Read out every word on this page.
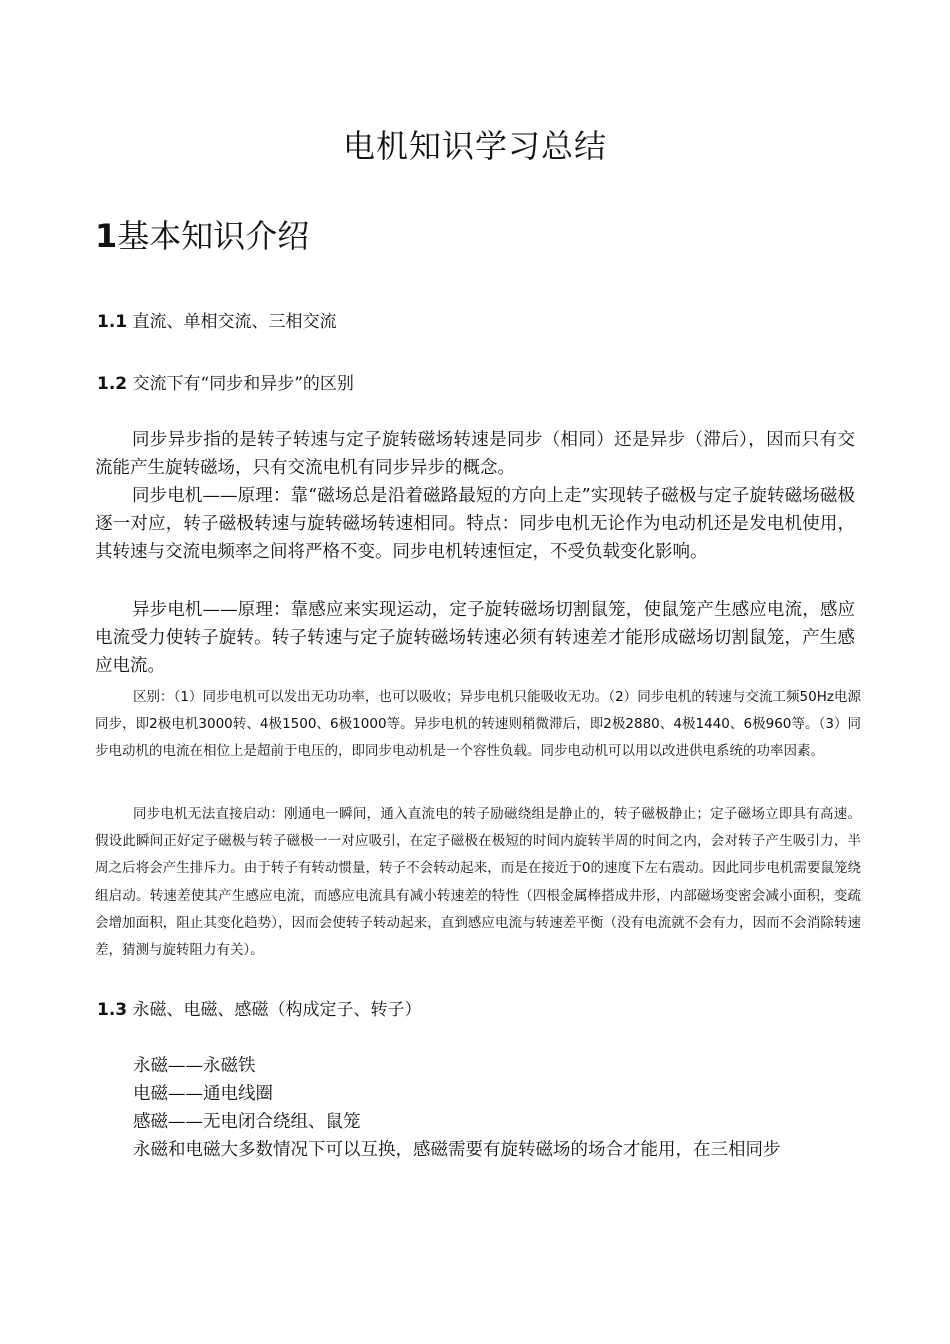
电机知识学习总结
1基本知识介绍
1.1 直流、单相交流、三相交流
1.2 交流下有“同步和异步”的区别

同步异步指的是转子转速与定子旋转磁场转速是同步（相同）还是异步（滞后），因而只有交流能产生旋转磁场，只有交流电机有同步异步的概念。

同步电机——原理：靠“磁场总是沿着磁路最短的方向上走”实现转子磁极与定子旋转磁场磁极逐一对应，转子磁极转速与旋转磁场转速相同。特点：同步电机无论作为电动机还是发电机使用，其转速与交流电频率之间将严格不变。同步电机转速恒定，不受负载变化影响。

异步电机——原理：靠感应来实现运动，定子旋转磁场切割鼠笼，使鼠笼产生感应电流，感应电流受力使转子旋转。转子转速与定子旋转磁场转速必须有转速差才能形成磁场切割鼠笼，产生感应电流。

区别：（1）同步电机可以发出无功功率，也可以吸收；异步电机只能吸收无功。（2）同步电机的转速与交流工频50Hz电源同步，即2极电机3000转、4极1500、6极1000等。异步电机的转速则稍微滞后，即2极2880、4极1440、6极960等。（3）同步电动机的电流在相位上是超前于电压的，即同步电动机是一个容性负载。同步电动机可以用以改进供电系统的功率因素。

同步电机无法直接启动：刚通电一瞬间，通入直流电的转子励磁绕组是静止的，转子磁极静止；定子磁场立即具有高速。假设此瞬间正好定子磁极与转子磁极一一对应吸引，在定子磁极在极短的时间内旋转半周的时间之内，会对转子产生吸引力，半周之后将会产生排斥力。由于转子有转动惯量，转子不会转动起来，而是在接近于0的速度下左右震动。因此同步电机需要鼠笼绕组启动。转速差使其产生感应电流，而感应电流具有减小转速差的特性（四根金属棒搭成井形，内部磁场变密会减小面积，变疏会增加面积，阻止其变化趋势），因而会使转子转动起来，直到感应电流与转速差平衡（没有电流就不会有力，因而不会消除转速差，猜测与旋转阻力有关）。

1.3 永磁、电磁、感磁（构成定子、转子）

永磁——永磁铁

电磁——通电线圈

感磁——无电闭合绕组、鼠笼

永磁和电磁大多数情况下可以互换，感磁需要有旋转磁场的场合才能用，在三相同步
